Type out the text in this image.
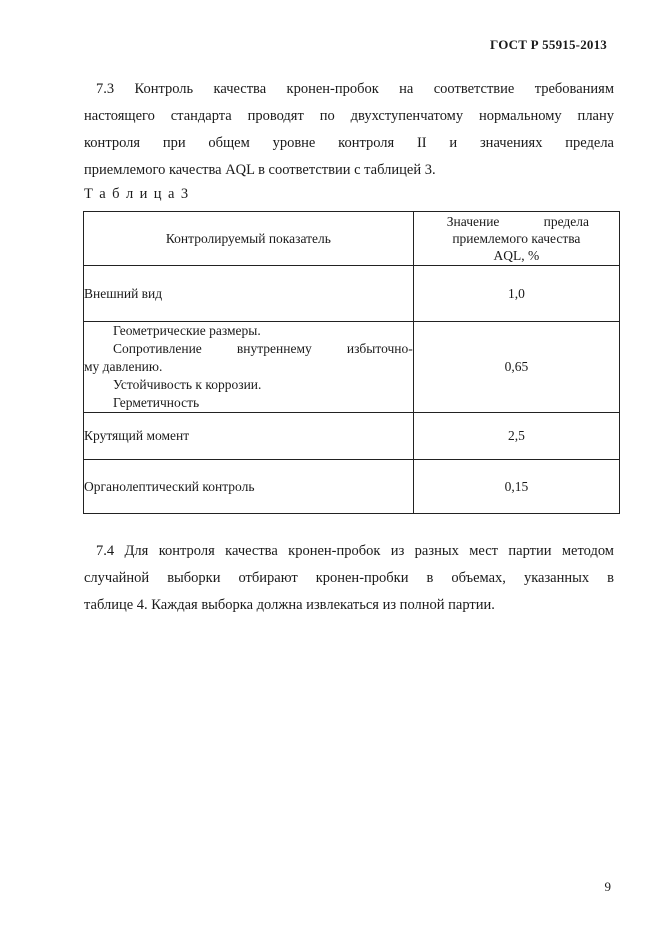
ГОСТ Р 55915-2013
7.3 Контроль качества кронен-пробок на соответствие требованиям
настоящего стандарта проводят по двухступенчатому нормальному плану
контроля при общем уровне контроля II и значениях предела
приемлемого качества AQL в соответствии с таблицей 3.
Т а б л и ц а 3
Контролируемый показатель	Значение предела
приемлемого качества
AQL, %

Внешний вид	1,0

Геометрические размеры.
Сопротивление внутреннему избыточно-
му давлению.
Устойчивость к коррозии.
Герметичность	0,65
Крутящий момент	2,5
Органолептический контроль	0,15
7.4 Для контроля качества кронен-пробок из разных мест партии методом
случайной выборки отбирают кронен-пробки в объемах, указанных в
таблице 4. Каждая выборка должна извлекаться из полной партии.
9
